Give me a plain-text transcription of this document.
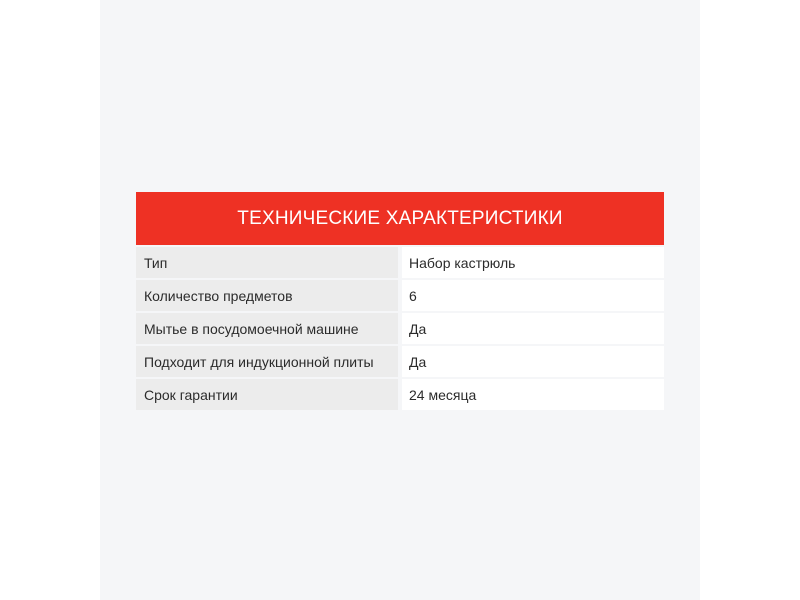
ТЕХНИЧЕСКИЕ ХАРАКТЕРИСТИКИ
Тип	Набор кастрюль
Количество предметов	6
Мытье в посудомоечной машине	Да
Подходит для индукционной плиты	Да
Срок гарантии	24 месяца
